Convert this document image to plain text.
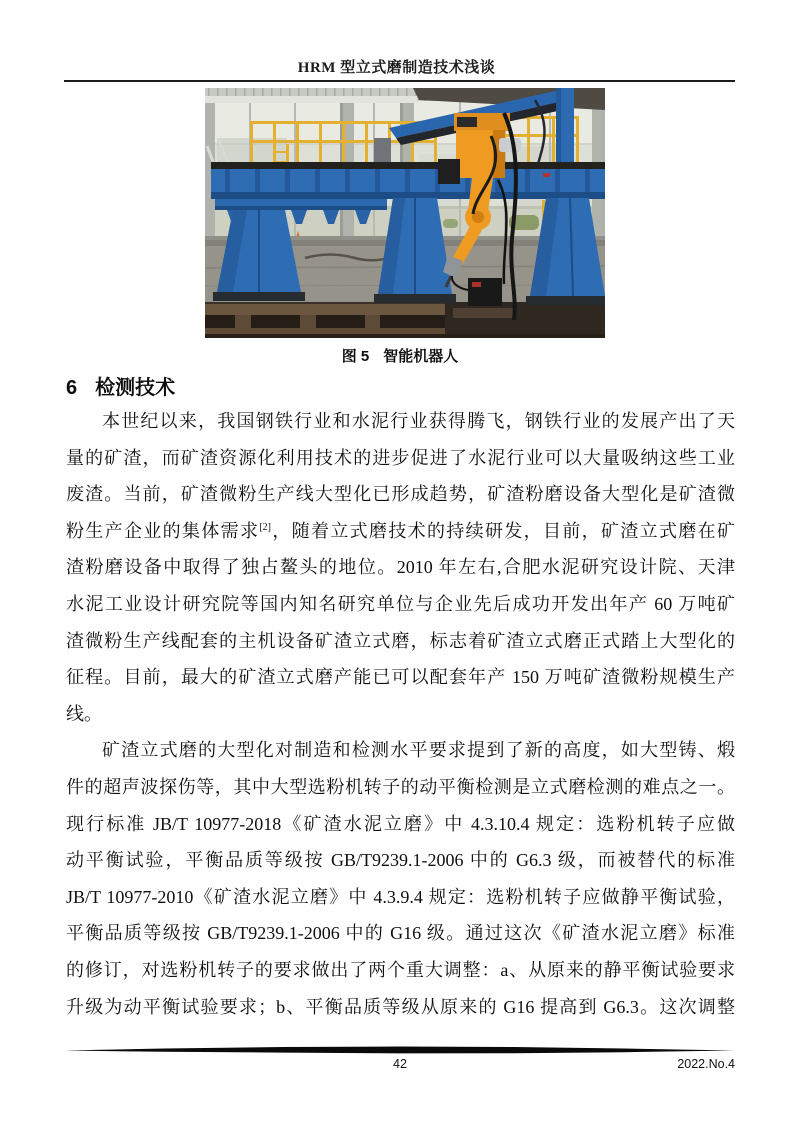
HRM 型立式磨制造技术浅谈
图 5 智能机器人
6 检测技术
本世纪以来，我国钢铁行业和水泥行业获得腾飞，钢铁行业的发展产出了天
量的矿渣，而矿渣资源化利用技术的进步促进了水泥行业可以大量吸纳这些工业
废渣。当前，矿渣微粉生产线大型化已形成趋势，矿渣粉磨设备大型化是矿渣微
粉生产企业的集体需求[2]，随着立式磨技术的持续研发，目前，矿渣立式磨在矿
渣粉磨设备中取得了独占鳌头的地位。2010 年左右,合肥水泥研究设计院、天津
水泥工业设计研究院等国内知名研究单位与企业先后成功开发出年产 60 万吨矿
渣微粉生产线配套的主机设备矿渣立式磨，标志着矿渣立式磨正式踏上大型化的
征程。目前，最大的矿渣立式磨产能已可以配套年产 150 万吨矿渣微粉规模生产
线。
矿渣立式磨的大型化对制造和检测水平要求提到了新的高度，如大型铸、煅
件的超声波探伤等，其中大型选粉机转子的动平衡检测是立式磨检测的难点之一。
现行标准 JB/T 10977-2018《矿渣水泥立磨》中 4.3.10.4 规定：选粉机转子应做
动平衡试验，平衡品质等级按 GB/T9239.1-2006 中的 G6.3 级，而被替代的标准
JB/T 10977-2010《矿渣水泥立磨》中 4.3.9.4 规定：选粉机转子应做静平衡试验，
平衡品质等级按 GB/T9239.1-2006 中的 G16 级。通过这次《矿渣水泥立磨》标准
的修订，对选粉机转子的要求做出了两个重大调整：a、从原来的静平衡试验要求
升级为动平衡试验要求；b、平衡品质等级从原来的 G16 提高到 G6.3。这次调整
42	2022.No.4
